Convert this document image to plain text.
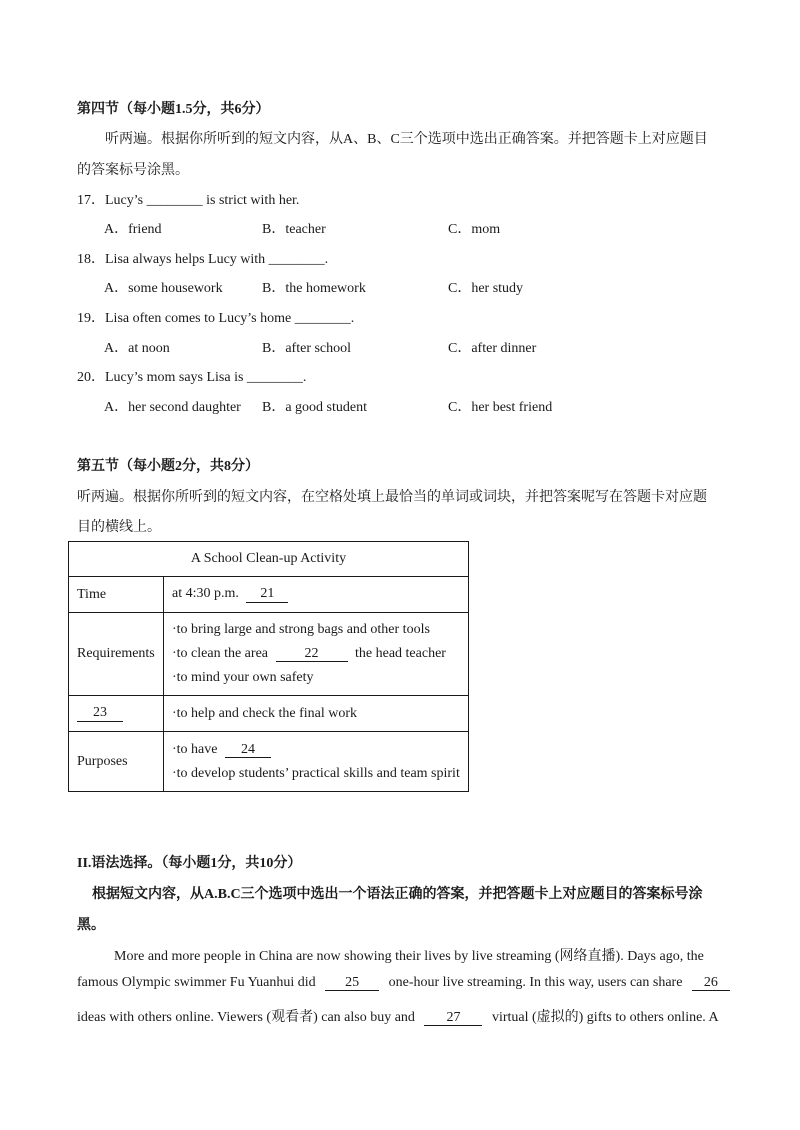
第四节（每小题1.5分，共6分）
听两遍。根据你所听到的短文内容，从A、B、C三个选项中选出正确答案。并把答题卡上对应题目
的答案标号涂黑。
17．Lucy’s ________ is strict with her.
A．friend	B．teacher	C．mom
18．Lisa always helps Lucy with ________.
A．some housework	B．the homework	C．her study
19．Lisa often comes to Lucy’s home ________.
A．at noon	B．after school	C．after dinner
20．Lucy’s mom says Lisa is ________.
A．her second daughter B．a good student	C．her best friend
第五节（每小题2分，共8分）
听两遍。根据你所听到的短文内容，在空格处填上最恰当的单词或词块，并把答案呢写在答题卡对应题
目的横线上。
A School Clean-up Activity	
Time	at 4:30 p.m. 21
Requirements	·to bring large and strong bags and other tools
·to clean the area 22 the head teacher
·to mind your own safety

23	·to help and check the final work
Purposes	·to have 24
·to develop students’ practical skills and team spirit
II.语法选择。（每小题1分，共10分）
根据短文内容，从A.B.C三个选项中选出一个语法正确的答案，并把答题卡上对应题目的答案标号涂
黑。
More and more people in China are now showing their lives by live streaming (网络直播). Days ago, the
famous Olympic swimmer Fu Yuanhui did 25 one-hour live streaming. In this way, users can share 26
ideas with others online. Viewers (观看者) can also buy and 27 virtual (虚拟的) gifts to others online. A
